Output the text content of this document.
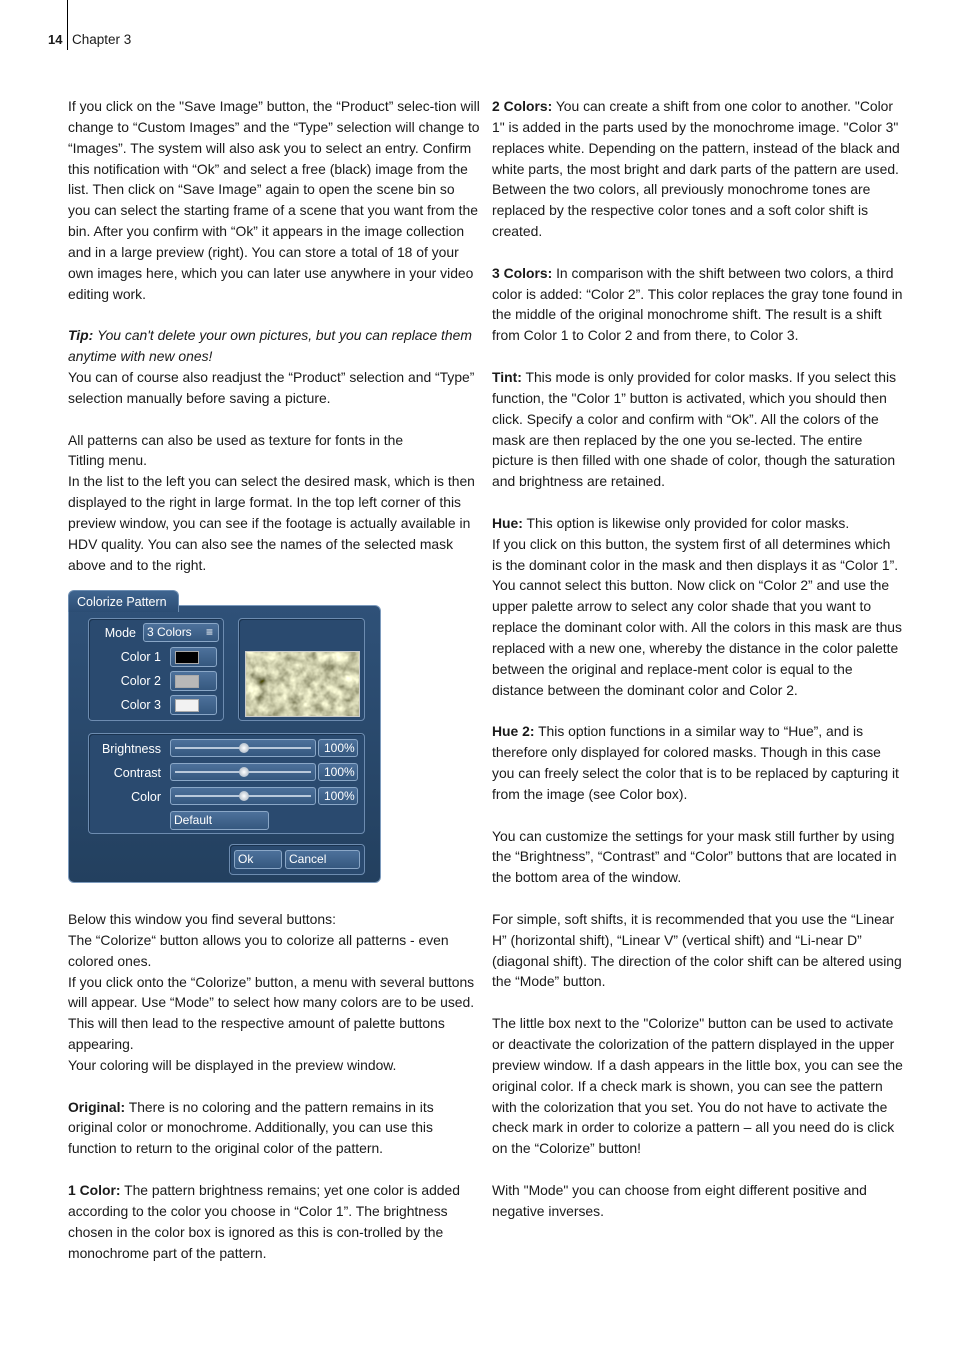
14 Chapter 3

If you click on the "Save Image” button, the “Product” selec-tion will change to “Custom Images” and the “Type” selection will change to “Images”. The system will also ask you to select an entry. Confirm this notification with “Ok” and select a free (black) image from the list. Then click on “Save Image” again to open the scene bin so you can select the starting frame of a scene that you want from the bin. After you confirm with “Ok” it appears in the image collection and in a large preview (right). You can store a total of 18 of your own images here, which you can later use anywhere in your video editing work.

Tip: You can't delete your own pictures, but you can replace them anytime with new ones!

You can of course also readjust the “Product” selection and “Type” selection manually before saving a picture.

All patterns can also be used as texture for fonts in the Titling menu.

In the list to the left you can select the desired mask, which is then displayed to the right in large format. In the top left corner of this preview window, you can see if the footage is actually available in HDV quality. You can also see the names of the selected mask above and to the right.

Mode 3 Colors ≡
Color 1
Color 2
Color 3
Brightness	100%
Contrast	100%
Color	100%
Default
Ok	Cancel
Colorize Pattern

Below this window you find several buttons:

The “Colorize“ button allows you to colorize all patterns - even colored ones.

If you click onto the “Colorize” button, a menu with several buttons will appear. Use “Mode” to select how many colors are to be used. This will then lead to the respective amount of palette buttons appearing.

Your coloring will be displayed in the preview window.

Original: There is no coloring and the pattern remains in its original color or monochrome. Additionally, you can use this function to return to the original color of the pattern.

1 Color: The pattern brightness remains; yet one color is added according to the color you choose in “Color 1”. The brightness chosen in the color box is ignored as this is con-trolled by the monochrome part of the pattern.

2 Colors: You can create a shift from one color to another. "Color 1" is added in the parts used by the monochrome image. "Color 3" replaces white. Depending on the pattern, instead of the black and white parts, the most bright and dark parts of the pattern are used. Between the two colors, all previously monochrome tones are replaced by the respective color tones and a soft color shift is created.

3 Colors: In comparison with the shift between two colors, a third color is added: “Color 2”. This color replaces the gray tone found in the middle of the original monochrome shift. The result is a shift from Color 1 to Color 2 and from there, to Color 3.

Tint: This mode is only provided for color masks. If you select this function, the "Color 1” button is activated, which you should then click. Specify a color and confirm with “Ok”. All the colors of the mask are then replaced by the one you se-lected. The entire picture is then filled with one shade of color, though the saturation and brightness are retained.

Hue: This option is likewise only provided for color masks.

If you click on this button, the system first of all determines which is the dominant color in the mask and then displays it as “Color 1”. You cannot select this button. Now click on “Color 2” and use the upper palette arrow to select any color shade that you want to replace the dominant color with. All the colors in this mask are thus replaced with a new one, whereby the distance in the color palette between the original and replace-ment color is equal to the distance between the dominant color and Color 2.

Hue 2: This option functions in a similar way to “Hue”, and is therefore only displayed for colored masks. Though in this case you can freely select the color that is to be replaced by capturing it from the image (see Color box).

You can customize the settings for your mask still further by using the “Brightness”, “Contrast” and “Color” buttons that are located in the bottom area of the window.

For simple, soft shifts, it is recommended that you use the “Linear H” (horizontal shift), “Linear V” (vertical shift) and “Li-near D” (diagonal shift). The direction of the color shift can be altered using the “Mode” button.

The little box next to the "Colorize" button can be used to activate or deactivate the colorization of the pattern displayed in the upper preview window. If a dash appears in the little box, you can see the original color. If a check mark is shown, you can see the pattern with the colorization that you set. You do not have to activate the check mark in order to colorize a pattern – all you need do is click on the “Colorize” button!

With "Mode" you can choose from eight different positive and negative inverses.
